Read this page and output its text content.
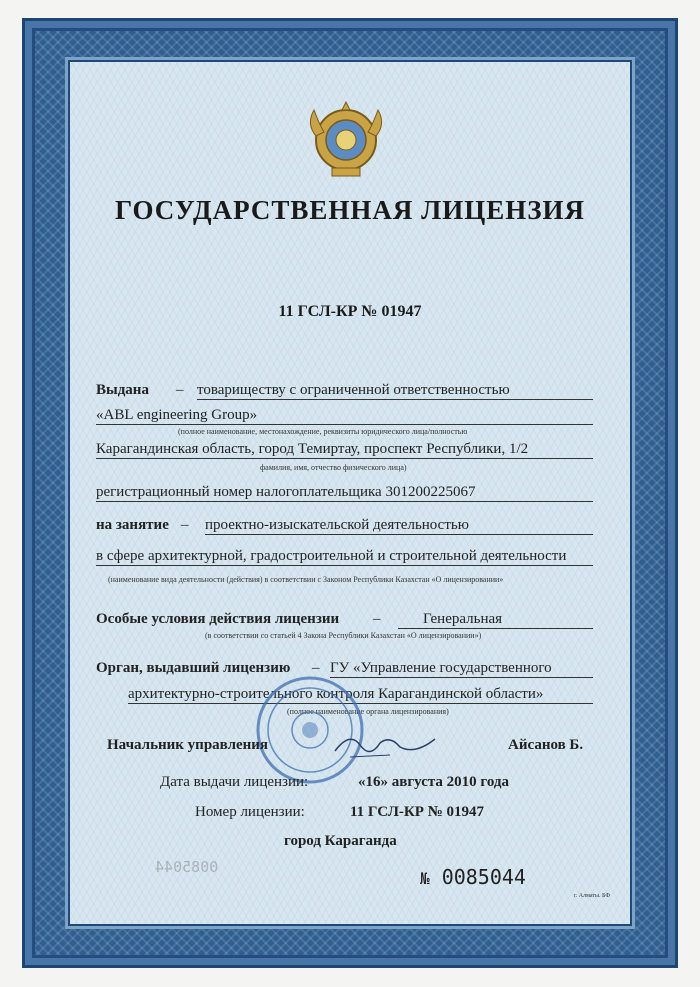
ГОСУДАРСТВЕННАЯ ЛИЦЕНЗИЯ
11 ГСЛ-КР № 01947
Выдана – товариществу с ограниченной ответственностью
«ABL engineering Group»
(полное наименование, местонахождение, реквизиты юридического лица/полностью
Карагандинская область, город Темиртау, проспект Республики, 1/2
фамилия, имя, отчество физического лица)
регистрационный номер налогоплательщика 301200225067
на занятие – проектно-изыскательской деятельностью
в сфере архитектурной, градостроительной и строительной деятельности
(наименование вида деятельности (действия) в соответствии с Законом Республики Казахстан «О лицензировании»
Особые условия действия лицензии –	Генеральная
(в соответствии со статьей 4 Закона Республики Казахстан «О лицензировании»)
Орган, выдавший лицензию – ГУ «Управление государственного
архитектурно-строительного контроля Карагандинской области»
(полное наименование органа лицензирования)
Начальник управления	Айсанов Б.
Дата выдачи лицензии:	«16» августа 2010 года
Номер лицензии:	11 ГСЛ-КР № 01947
город Караганда
0085044
№ 0085044
г. Алматы. БФ
